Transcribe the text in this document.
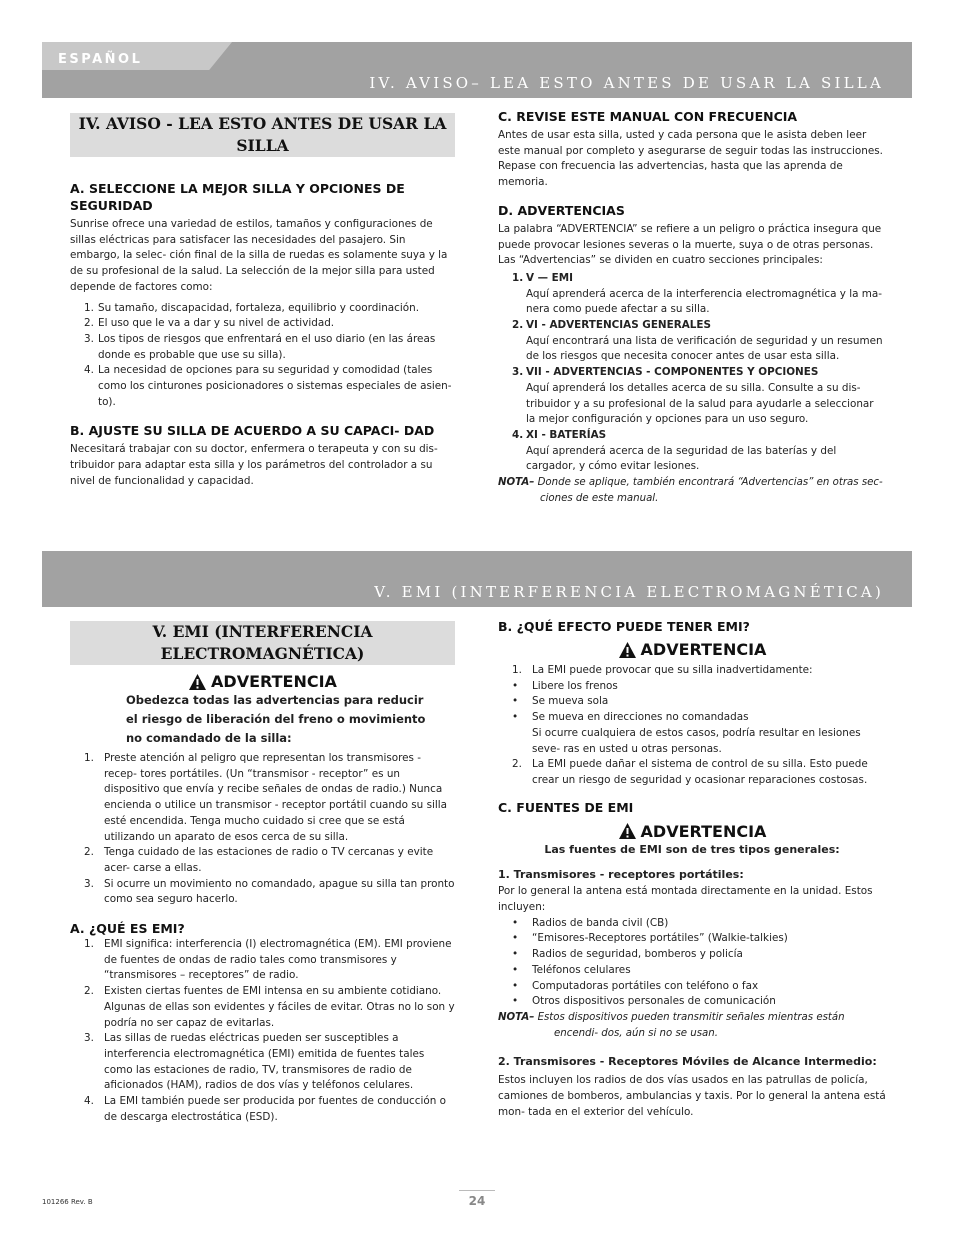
ESPAÑOL
IV. AVISO– LEA ESTO ANTES DE USAR LA SILLA
IV. AVISO - LEA ESTO ANTES DE USAR LA SILLA

A. SELECCIONE LA MEJOR SILLA Y OPCIONES DE SEGURIDAD

Sunrise ofrece una variedad de estilos, tamaños y configuraciones de sillas eléctricas para satisfacer las necesidades del pasajero. Sin embargo, la selec- ción final de la silla de ruedas es solamente suya y la de su profesional de la salud. La selección de la mejor silla para usted depende de factores como:

1. Su tamaño, discapacidad, fortaleza, equilibrio y coordinación.
2. El uso que le va a dar y su nivel de actividad.
3. Los tipos de riesgos que enfrentará en el uso diario (en las áreas donde es probable que use su silla).
4. La necesidad de opciones para su seguridad y comodidad (tales como los cinturones posicionadores o sistemas especiales de asien- to).

B. AJUSTE SU SILLA DE ACUERDO A SU CAPACI- DAD

Necesitará trabajar con su doctor, enfermera o terapeuta y con su dis- tribuidor para adaptar esta silla y los parámetros del controlador a su nivel de funcionalidad y capacidad.

C. REVISE ESTE MANUAL CON FRECUENCIA

Antes de usar esta silla, usted y cada persona que le asista deben leer este manual por completo y asegurarse de seguir todas las instrucciones. Repase con frecuencia las advertencias, hasta que las aprenda de memoria.

D. ADVERTENCIAS

La palabra “ADVERTENCIA” se refiere a un peligro o práctica insegura que puede provocar lesiones severas o la muerte, suya o de otras personas. Las “Advertencias” se dividen en cuatro secciones principales:

1. V — EMI
Aquí aprenderá acerca de la interferencia electromagnética y la ma- nera como puede afectar a su silla.
2. VI - ADVERTENCIAS GENERALES
Aquí encontrará una lista de verificación de seguridad y un resumen de los riesgos que necesita conocer antes de usar esta silla.
3. VII - ADVERTENCIAS - COMPONENTES Y OPCIONES
Aquí aprenderá los detalles acerca de su silla. Consulte a su dis- tribuidor y a su profesional de la salud para ayudarle a seleccionar la mejor configuración y opciones para un uso seguro.
4. XI - BATERÍAS
Aquí aprenderá acerca de la seguridad de las baterías y del cargador, y cómo evitar lesiones.

NOTA– Donde se aplique, también encontrará “Advertencias” en otras sec- ciones de este manual.

V. EMI (INTERFERENCIA ELECTROMAGNÉTICA)
V. EMI (INTERFERENCIA ELECTROMAGNÉTICA)
ADVERTENCIA
Obedezca todas las advertencias para reducir el riesgo de liberación del freno o movimiento no comandado de la silla:
1. Preste atención al peligro que representan los transmisores - recep- tores portátiles. (Un “transmisor - receptor” es un dispositivo que envía y recibe señales de ondas de radio.) Nunca encienda o utilice un transmisor - receptor portátil cuando su silla esté encendida. Tenga mucho cuidado si cree que se está utilizando un aparato de esos cerca de su silla.
2. Tenga cuidado de las estaciones de radio o TV cercanas y evite acer- carse a ellas.
3. Si ocurre un movimiento no comandado, apague su silla tan pronto como sea seguro hacerlo.

A. ¿QUÉ ES EMI?

1. EMI significa: interferencia (I) electromagnética (EM). EMI proviene de fuentes de ondas de radio tales como transmisores y “transmisores – receptores” de radio.
2. Existen ciertas fuentes de EMI intensa en su ambiente cotidiano. Algunas de ellas son evidentes y fáciles de evitar. Otras no lo son y podría no ser capaz de evitarlas.
3. Las sillas de ruedas eléctricas pueden ser susceptibles a interferencia electromagnética (EMI) emitida de fuentes tales como las estaciones de radio, TV, transmisores de radio de aficionados (HAM), radios de dos vías y teléfonos celulares.
4. La EMI también puede ser producida por fuentes de conducción o de descarga electrostática (ESD).

B. ¿QUÉ EFECTO PUEDE TENER EMI?

ADVERTENCIA
1. La EMI puede provocar que su silla inadvertidamente:
•	Libere los frenos
•	Se mueva sola
•	Se mueva en direcciones no comandadas
Si ocurre cualquiera de estos casos, podría resultar en lesiones seve- ras en usted u otras personas.
2. La EMI puede dañar el sistema de control de su silla. Esto puede crear un riesgo de seguridad y ocasionar reparaciones costosas.

C. FUENTES DE EMI

ADVERTENCIA
Las fuentes de EMI son de tres tipos generales:
1. Transmisores - receptores portátiles:

Por lo general la antena está montada directamente en la unidad. Estos incluyen:

•	Radios de banda civil (CB)
•	“Emisores-Receptores portátiles” (Walkie-talkies)
•	Radios de seguridad, bomberos y policía
•	Teléfonos celulares
•	Computadoras portátiles con teléfono o fax
•	Otros dispositivos personales de comunicación

NOTA– Estos dispositivos pueden transmitir señales mientras están encendi- dos, aún si no se usan.

2. Transmisores - Receptores Móviles de Alcance Intermedio:

Estos incluyen los radios de dos vías usados en las patrullas de policía, camiones de bomberos, ambulancias y taxis. Por lo general la antena está mon- tada en el exterior del vehículo.

101266 Rev. B	24
